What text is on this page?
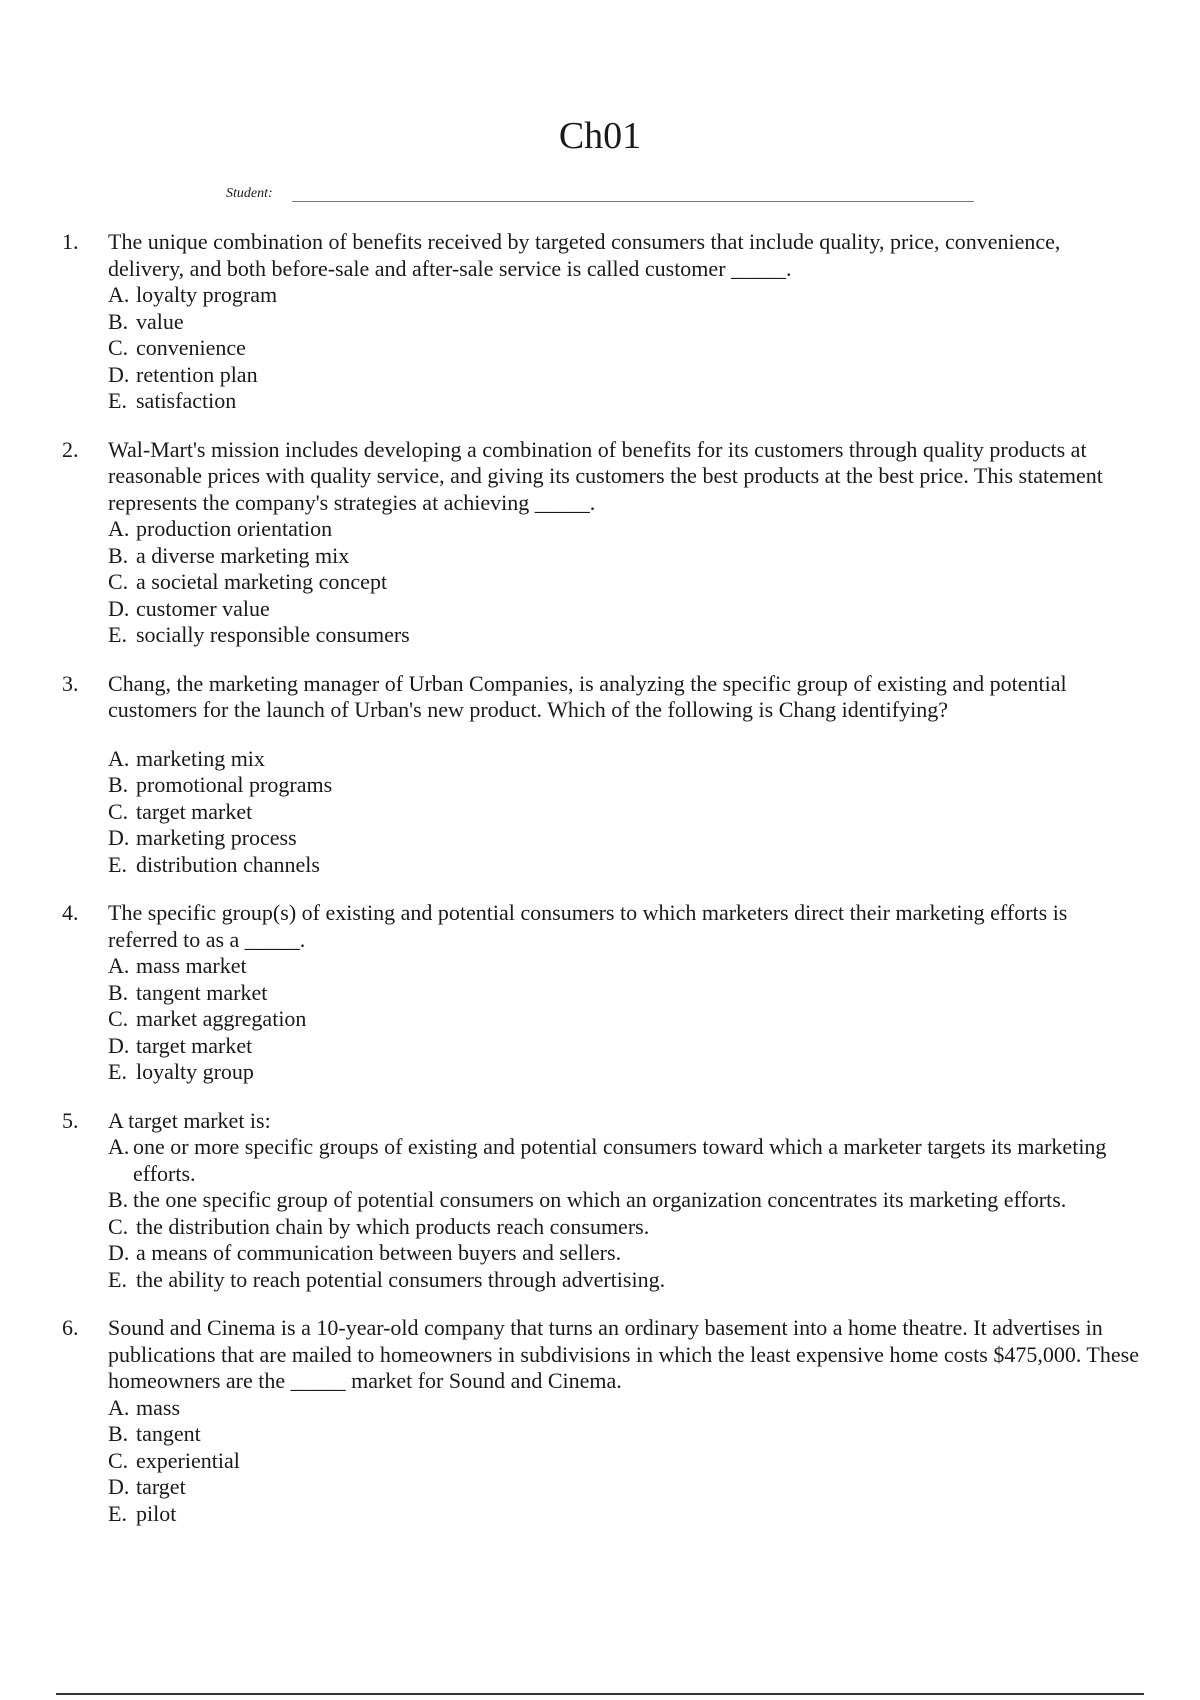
Ch01
Student:
1. The unique combination of benefits received by targeted consumers that include quality, price, convenience, delivery, and both before-sale and after-sale service is called customer _____.
A. loyalty program
B. value
C. convenience
D. retention plan
E. satisfaction
2. Wal-Mart's mission includes developing a combination of benefits for its customers through quality products at reasonable prices with quality service, and giving its customers the best products at the best price. This statement represents the company's strategies at achieving _____.
A. production orientation
B. a diverse marketing mix
C. a societal marketing concept
D. customer value
E. socially responsible consumers
3. Chang, the marketing manager of Urban Companies, is analyzing the specific group of existing and potential customers for the launch of Urban's new product. Which of the following is Chang identifying?
A. marketing mix
B. promotional programs
C. target market
D. marketing process
E. distribution channels
4. The specific group(s) of existing and potential consumers to which marketers direct their marketing efforts is referred to as a _____.
A. mass market
B. tangent market
C. market aggregation
D. target market
E. loyalty group
5. A target market is:
A. one or more specific groups of existing and potential consumers toward which a marketer targets its marketing efforts.
B. the one specific group of potential consumers on which an organization concentrates its marketing efforts.
C. the distribution chain by which products reach consumers.
D. a means of communication between buyers and sellers.
E. the ability to reach potential consumers through advertising.
6. Sound and Cinema is a 10-year-old company that turns an ordinary basement into a home theatre. It advertises in publications that are mailed to homeowners in subdivisions in which the least expensive home costs $475,000. These homeowners are the _____ market for Sound and Cinema.
A. mass
B. tangent
C. experiential
D. target
E. pilot
